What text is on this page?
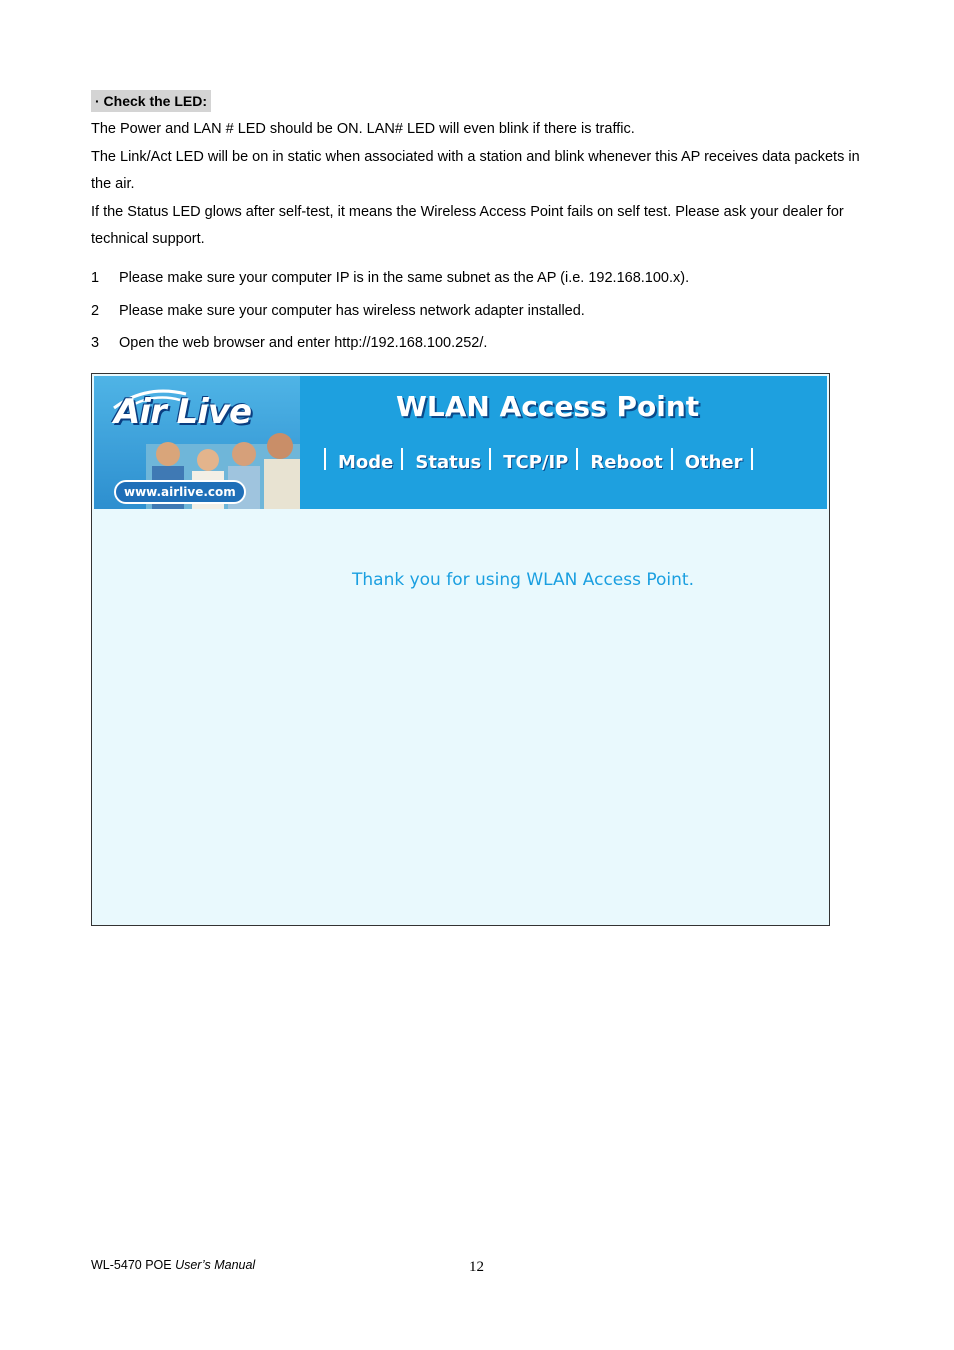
· Check the LED:

The Power and LAN # LED should be ON. LAN# LED will even blink if there is traffic.

The Link/Act LED will be on in static when associated with a station and blink whenever this AP receives data packets in the air.

If the Status LED glows after self-test, it means the Wireless Access Point fails on self test. Please ask your dealer for technical support.

1	Please make sure your computer IP is in the same subnet as the AP (i.e. 192.168.100.x).
2	Please make sure your computer has wireless network adapter installed.
3	Open the web browser and enter http://192.168.100.252/.
Air Live
www.airlive.com
WLAN Access Point
Mode	Status	TCP/IP	Reboot	Other
Thank you for using WLAN Access Point.
WL-5470 POE User’s Manual	12
